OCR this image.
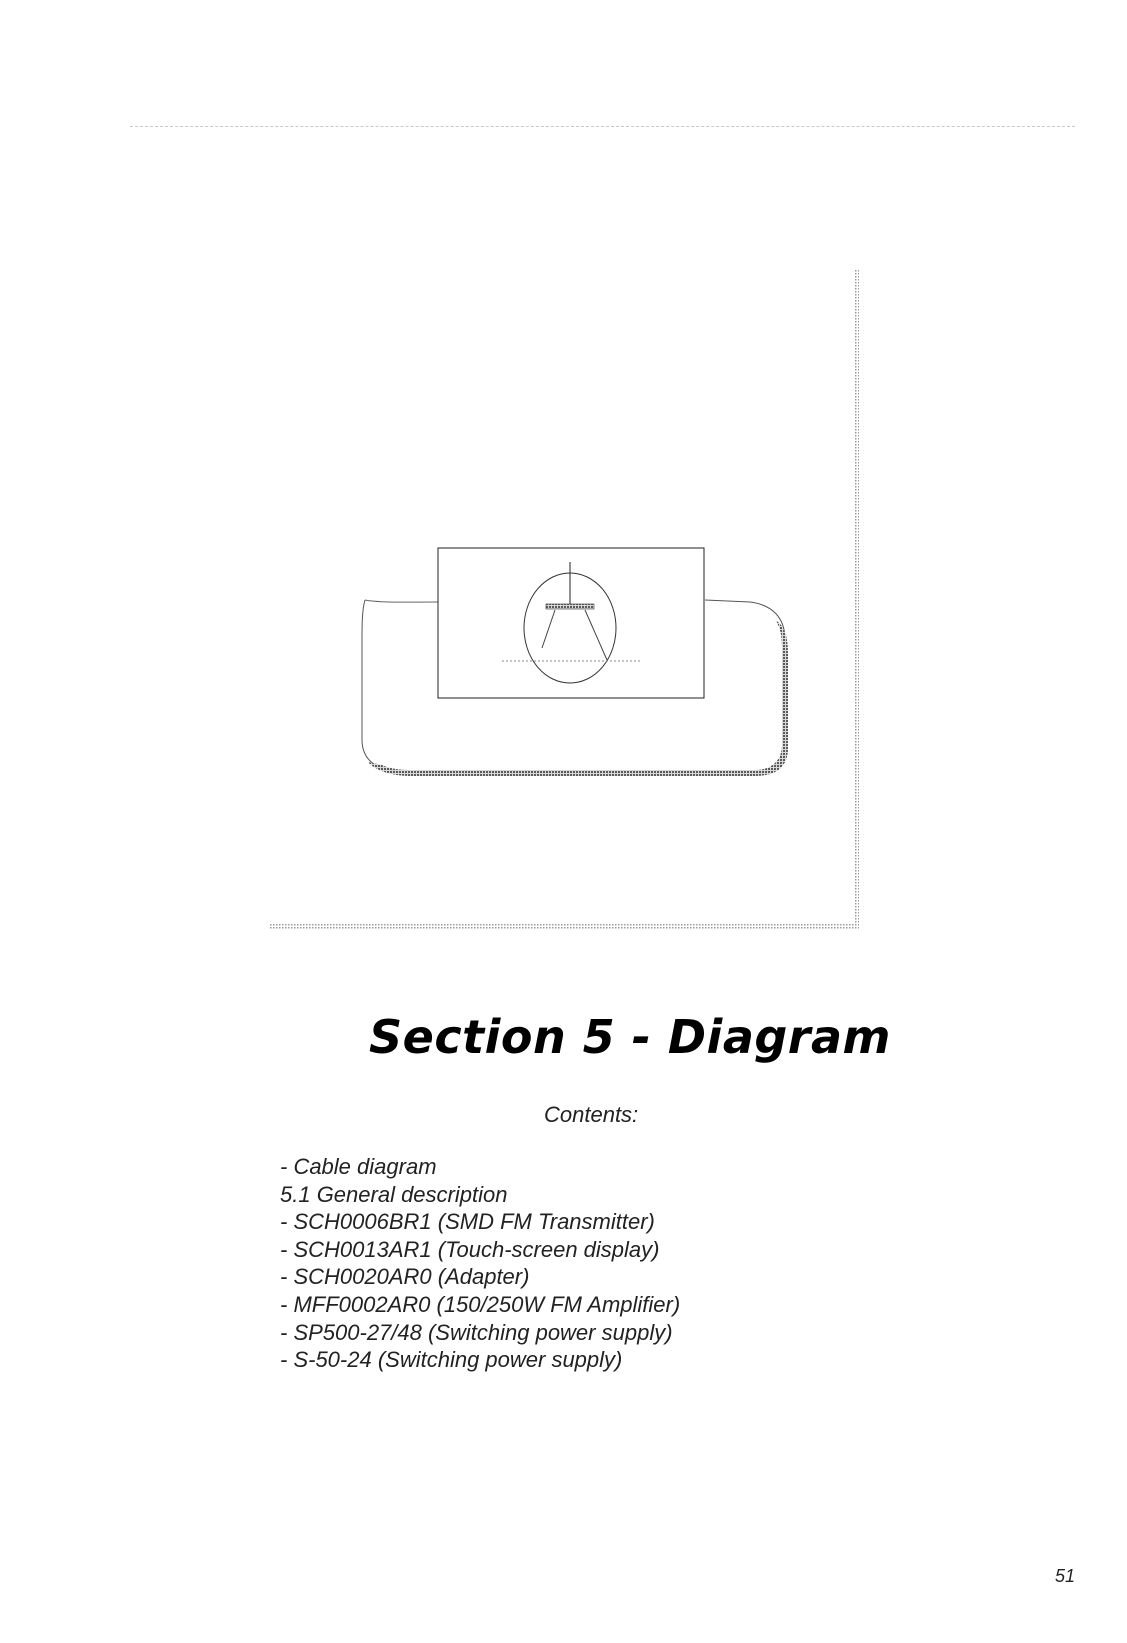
Section 5 - Diagram

Contents:

- Cable diagram
5.1 General description
- SCH0006BR1 (SMD FM Transmitter)
- SCH0013AR1 (Touch-screen display)
- SCH0020AR0 (Adapter)
- MFF0002AR0 (150/250W FM Amplifier)
- SP500-27/48 (Switching power supply)
- S-50-24 (Switching power supply)

51
